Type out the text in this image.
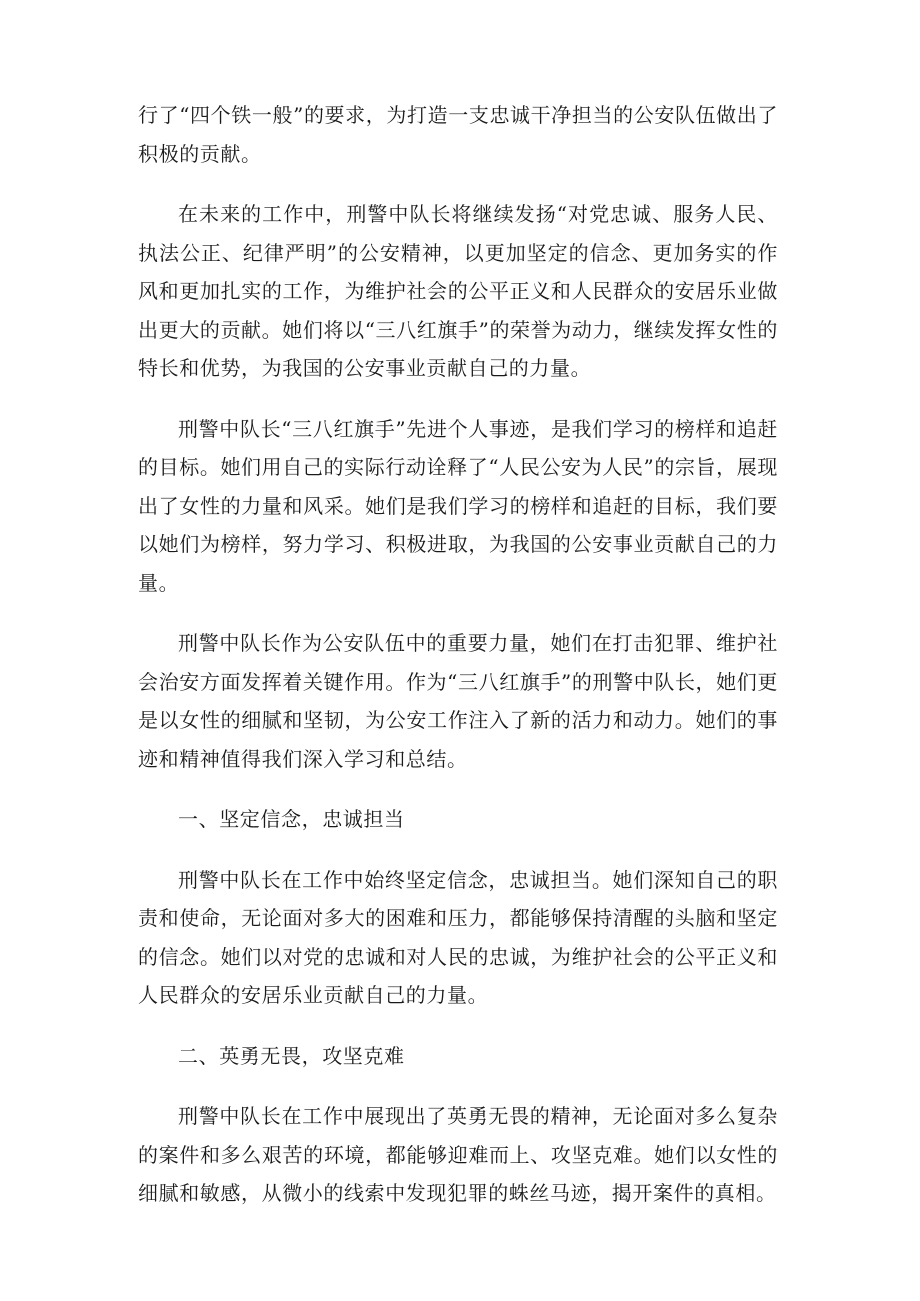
行了“四个铁一般”的要求，为打造一支忠诚干净担当的公安队伍做出了积极的贡献。

在未来的工作中，刑警中队长将继续发扬“对党忠诚、服务人民、执法公正、纪律严明”的公安精神，以更加坚定的信念、更加务实的作风和更加扎实的工作，为维护社会的公平正义和人民群众的安居乐业做出更大的贡献。她们将以“三八红旗手”的荣誉为动力，继续发挥女性的特长和优势，为我国的公安事业贡献自己的力量。

刑警中队长“三八红旗手”先进个人事迹，是我们学习的榜样和追赶的目标。她们用自己的实际行动诠释了“人民公安为人民”的宗旨，展现出了女性的力量和风采。她们是我们学习的榜样和追赶的目标，我们要以她们为榜样，努力学习、积极进取，为我国的公安事业贡献自己的力量。

刑警中队长作为公安队伍中的重要力量，她们在打击犯罪、维护社会治安方面发挥着关键作用。作为“三八红旗手”的刑警中队长，她们更是以女性的细腻和坚韧，为公安工作注入了新的活力和动力。她们的事迹和精神值得我们深入学习和总结。

一、坚定信念，忠诚担当

刑警中队长在工作中始终坚定信念，忠诚担当。她们深知自己的职责和使命，无论面对多大的困难和压力，都能够保持清醒的头脑和坚定的信念。她们以对党的忠诚和对人民的忠诚，为维护社会的公平正义和人民群众的安居乐业贡献自己的力量。

二、英勇无畏，攻坚克难

刑警中队长在工作中展现出了英勇无畏的精神，无论面对多么复杂的案件和多么艰苦的环境，都能够迎难而上、攻坚克难。她们以女性的细腻和敏感，从微小的线索中发现犯罪的蛛丝马迹，揭开案件的真相。
